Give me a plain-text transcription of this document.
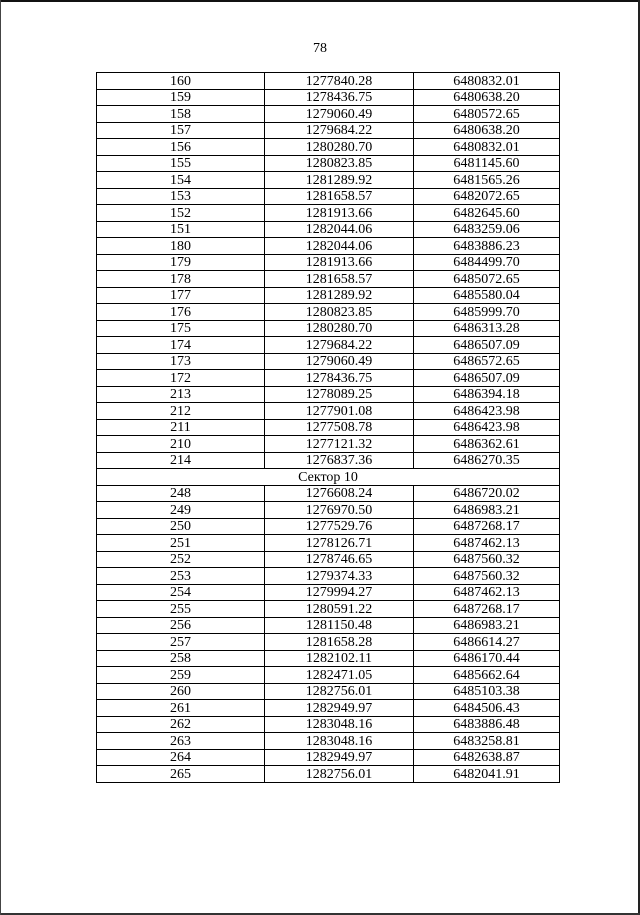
78
160	1277840.28	6480832.01
159	1278436.75	6480638.20
158	1279060.49	6480572.65
157	1279684.22	6480638.20
156	1280280.70	6480832.01
155	1280823.85	6481145.60
154	1281289.92	6481565.26
153	1281658.57	6482072.65
152	1281913.66	6482645.60
151	1282044.06	6483259.06
180	1282044.06	6483886.23
179	1281913.66	6484499.70
178	1281658.57	6485072.65
177	1281289.92	6485580.04
176	1280823.85	6485999.70
175	1280280.70	6486313.28
174	1279684.22	6486507.09
173	1279060.49	6486572.65
172	1278436.75	6486507.09
213	1278089.25	6486394.18
212	1277901.08	6486423.98
211	1277508.78	6486423.98
210	1277121.32	6486362.61
214	1276837.36	6486270.35
Сектор 10		
248	1276608.24	6486720.02
249	1276970.50	6486983.21
250	1277529.76	6487268.17
251	1278126.71	6487462.13
252	1278746.65	6487560.32
253	1279374.33	6487560.32
254	1279994.27	6487462.13
255	1280591.22	6487268.17
256	1281150.48	6486983.21
257	1281658.28	6486614.27
258	1282102.11	6486170.44
259	1282471.05	6485662.64
260	1282756.01	6485103.38
261	1282949.97	6484506.43
262	1283048.16	6483886.48
263	1283048.16	6483258.81
264	1282949.97	6482638.87
265	1282756.01	6482041.91
